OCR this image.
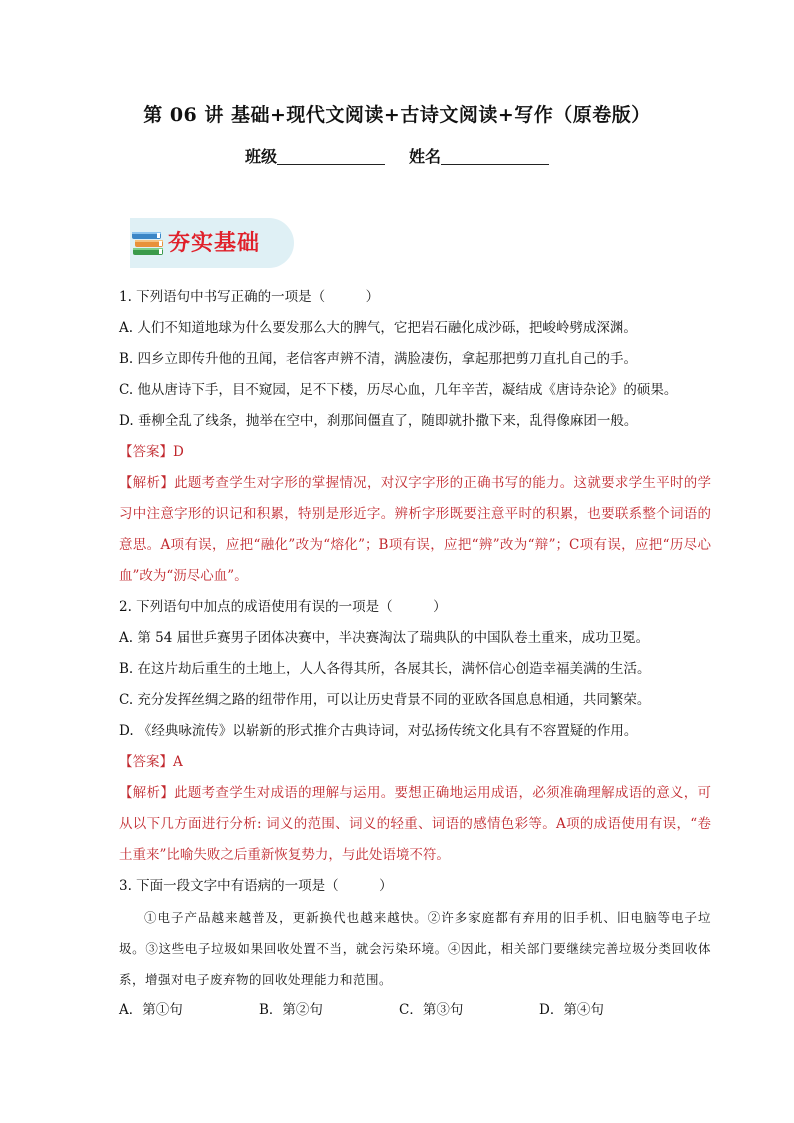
第 06 讲 基础+现代文阅读+古诗文阅读+写作（原卷版）
班级	姓名
夯实基础
1. 下列语句中书写正确的一项是（　　　）
A. 人们不知道地球为什么要发那么大的脾气，它把岩石融化成沙砾，把峻岭劈成深渊。
B. 四乡立即传升他的丑闻，老信客声辨不清，满脸凄伤，拿起那把剪刀直扎自己的手。
C. 他从唐诗下手，目不窥园，足不下楼，历尽心血，几年辛苦，凝结成《唐诗杂论》的硕果。
D. 垂柳全乱了线条，抛举在空中，刹那间僵直了，随即就扑撒下来，乱得像麻团一般。
【答案】D
【解析】此题考查学生对字形的掌握情况，对汉字字形的正确书写的能力。这就要求学生平时的学习中注意字形的识记和积累，特别是形近字。辨析字形既要注意平时的积累，也要联系整个词语的意思。A项有误，应把“融化”改为“熔化”；B项有误，应把“辨”改为“辩”；C项有误，应把“历尽心血”改为“沥尽心血”。
2. 下列语句中加点的成语使用有误的一项是（　　　）
A. 第 54 届世乒赛男子团体决赛中，半决赛淘汰了瑞典队的中国队卷土重来，成功卫冕。
B. 在这片劫后重生的土地上，人人各得其所，各展其长，满怀信心创造幸福美满的生活。
C. 充分发挥丝绸之路的纽带作用，可以让历史背景不同的亚欧各国息息相通，共同繁荣。
D. 《经典咏流传》以崭新的形式推介古典诗词，对弘扬传统文化具有不容置疑的作用。
【答案】A
【解析】此题考查学生对成语的理解与运用。要想正确地运用成语，必须准确理解成语的意义，可从以下几方面进行分析: 词义的范围、词义的轻重、词语的感情色彩等。A项的成语使用有误，“卷土重来”比喻失败之后重新恢复势力，与此处语境不符。
3. 下面一段文字中有语病的一项是（　　　）
①电子产品越来越普及，更新换代也越来越快。②许多家庭都有弃用的旧手机、旧电脑等电子垃圾。③这些电子垃圾如果回收处置不当，就会污染环境。④因此，相关部门要继续完善垃圾分类回收体系，增强对电子废弃物的回收处理能力和范围。
A．第①句	B．第②句	C．第③句	D．第④句
